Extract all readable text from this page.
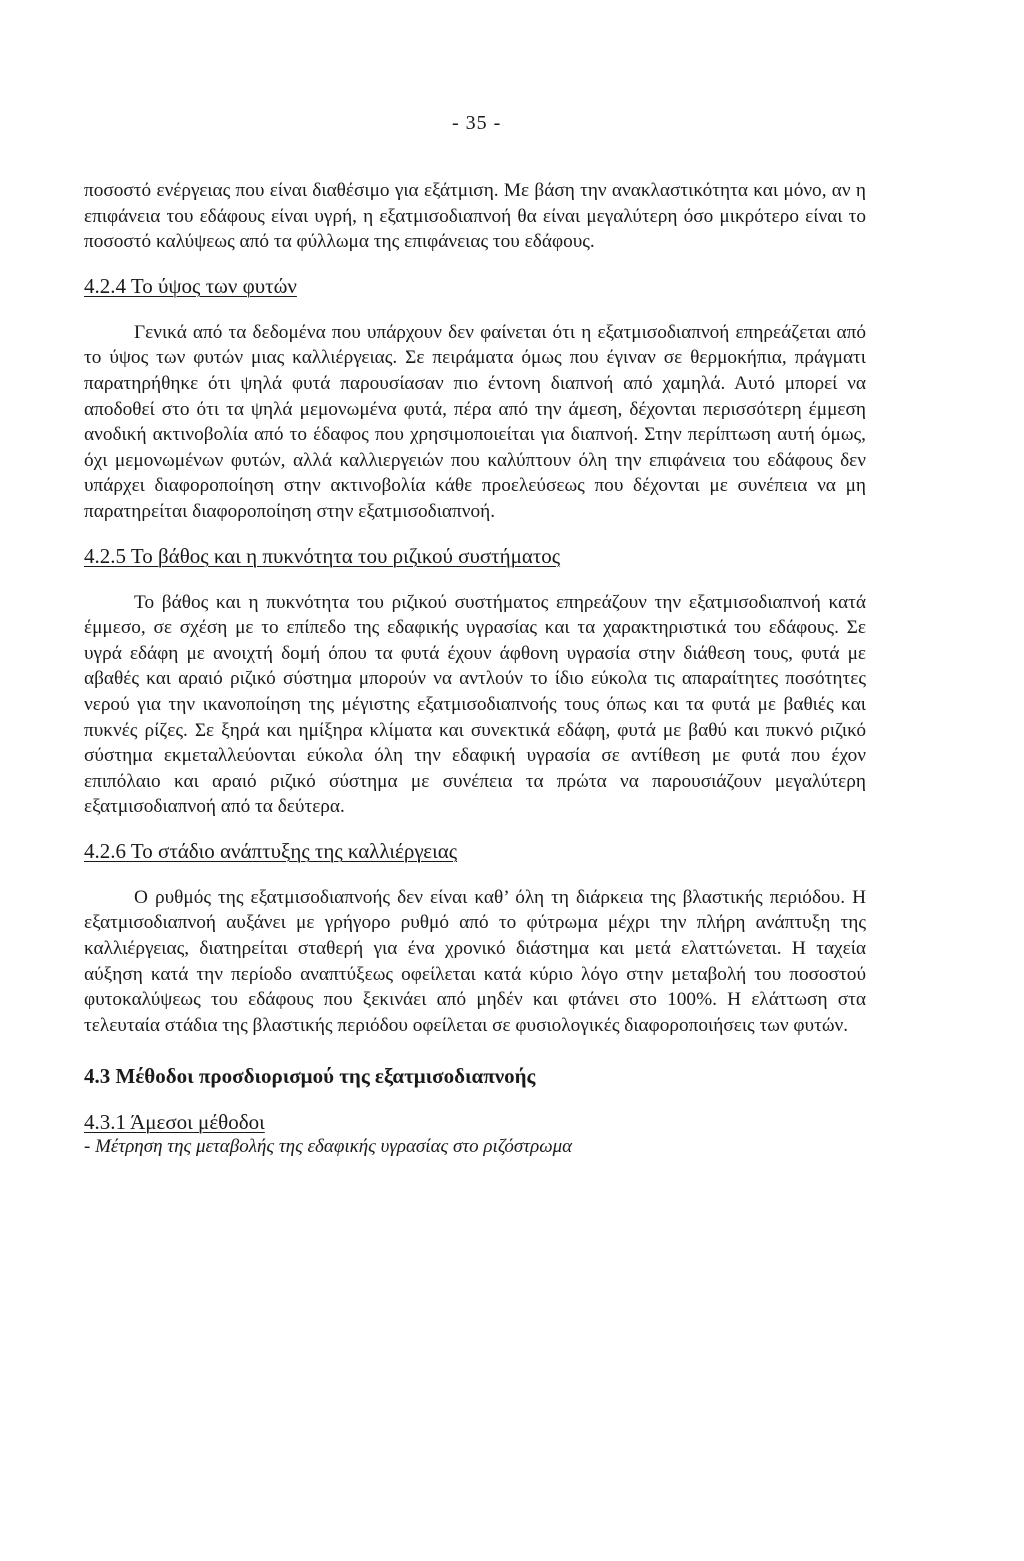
- 35 -

ποσοστό ενέργειας που είναι διαθέσιμο για εξάτμιση. Με βάση την ανακλαστικότητα και μόνο, αν η επιφάνεια του εδάφους είναι υγρή, η εξατμισοδιαπνοή θα είναι μεγαλύτερη όσο μικρότερο είναι το ποσοστό καλύψεως από τα φύλλωμα της επιφάνειας του εδάφους.

4.2.4 Το ύψος των φυτών

Γενικά από τα δεδομένα που υπάρχουν δεν φαίνεται ότι η εξατμισοδιαπνοή επηρεάζεται από το ύψος των φυτών μιας καλλιέργειας. Σε πειράματα όμως που έγιναν σε θερμοκήπια, πράγματι παρατηρήθηκε ότι ψηλά φυτά παρουσίασαν πιο έντονη διαπνοή από χαμηλά. Αυτό μπορεί να αποδοθεί στο ότι τα ψηλά μεμονωμένα φυτά, πέρα από την άμεση, δέχονται περισσότερη έμμεση ανοδική ακτινοβολία από το έδαφος που χρησιμοποιείται για διαπνοή. Στην περίπτωση αυτή όμως, όχι μεμονωμένων φυτών, αλλά καλλιεργειών που καλύπτουν όλη την επιφάνεια του εδάφους δεν υπάρχει διαφοροποίηση στην ακτινοβολία κάθε προελεύσεως που δέχονται με συνέπεια να μη παρατηρείται διαφοροποίηση στην εξατμισοδιαπνοή.

4.2.5 Το βάθος και η πυκνότητα του ριζικού συστήματος

Το βάθος και η πυκνότητα του ριζικού συστήματος επηρεάζουν την εξατμισοδιαπνοή κατά έμμεσο, σε σχέση με το επίπεδο της εδαφικής υγρασίας και τα χαρακτηριστικά του εδάφους. Σε υγρά εδάφη με ανοιχτή δομή όπου τα φυτά έχουν άφθονη υγρασία στην διάθεση τους, φυτά με αβαθές και αραιό ριζικό σύστημα μπορούν να αντλούν το ίδιο εύκολα τις απαραίτητες ποσότητες νερού για την ικανοποίηση της μέγιστης εξατμισοδιαπνοής τους όπως και τα φυτά με βαθιές και πυκνές ρίζες. Σε ξηρά και ημίξηρα κλίματα και συνεκτικά εδάφη, φυτά με βαθύ και πυκνό ριζικό σύστημα εκμεταλλεύονται εύκολα όλη την εδαφική υγρασία σε αντίθεση με φυτά που έχον επιπόλαιο και αραιό ριζικό σύστημα με συνέπεια τα πρώτα να παρουσιάζουν μεγαλύτερη εξατμισοδιαπνοή από τα δεύτερα.

4.2.6 Το στάδιο ανάπτυξης της καλλιέργειας

Ο ρυθμός της εξατμισοδιαπνοής δεν είναι καθ’ όλη τη διάρκεια της βλαστικής περιόδου. Η εξατμισοδιαπνοή αυξάνει με γρήγορο ρυθμό από το φύτρωμα μέχρι την πλήρη ανάπτυξη της καλλιέργειας, διατηρείται σταθερή για ένα χρονικό διάστημα και μετά ελαττώνεται. Η ταχεία αύξηση κατά την περίοδο αναπτύξεως οφείλεται κατά κύριο λόγο στην μεταβολή του ποσοστού φυτοκαλύψεως του εδάφους που ξεκινάει από μηδέν και φτάνει στο 100%. Η ελάττωση στα τελευταία στάδια της βλαστικής περιόδου οφείλεται σε φυσιολογικές διαφοροποιήσεις των φυτών.

4.3 Μέθοδοι προσδιορισμού της εξατμισοδιαπνοής
4.3.1 Άμεσοι μέθοδοι

- Μέτρηση της μεταβολής της εδαφικής υγρασίας στο ριζόστρωμα
